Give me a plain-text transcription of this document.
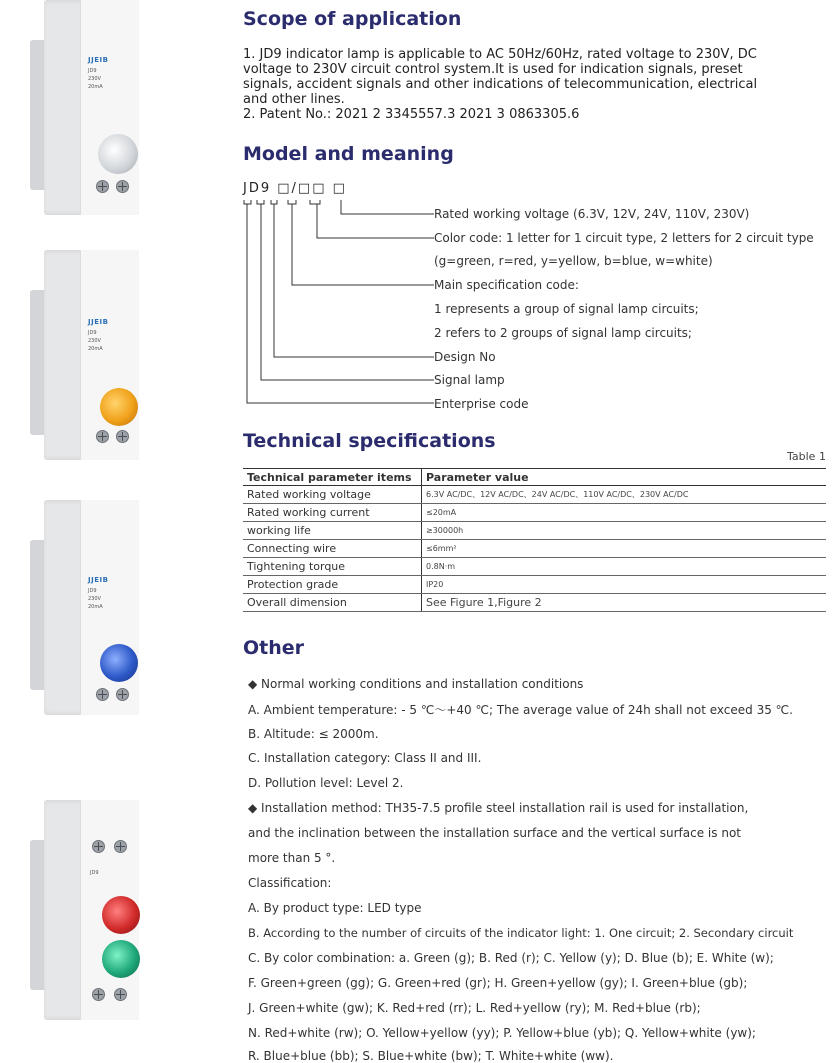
JJEIB
JD9
230V
20mA
JJEIB
JD9
230V
20mA
JJEIB
JD9
230V
20mA
JD9
Scope of application
1. JD9 indicator lamp is applicable to AC 50Hz/60Hz, rated voltage to 230V, DC
voltage to 230V circuit control system.It is used for indication signals, preset
signals, accident signals and other indications of telecommunication, electrical
and other lines.
2. Patent No.: 2021 2 3345557.3 2021 3 0863305.6
Model and meaning
JD9 □/□□ □
Rated working voltage (6.3V, 12V, 24V, 110V, 230V)
Color code: 1 letter for 1 circuit type, 2 letters for 2 circuit type
(g=green, r=red, y=yellow, b=blue, w=white)
Main specification code:
1 represents a group of signal lamp circuits;
2 refers to 2 groups of signal lamp circuits;
Design No
Signal lamp
Enterprise code
Technical specifications
Table 1
Technical parameter items	Parameter value
Rated working voltage	6.3V AC/DC、12V AC/DC、24V AC/DC、110V AC/DC、230V AC/DC
Rated working current	≤20mA
working life	≥30000h
Connecting wire	≤6mm²
Tightening torque	0.8N·m
Protection grade	IP20
Overall dimension	See Figure 1,Figure 2
Other
◆ Normal working conditions and installation conditions
A. Ambient temperature: - 5 ℃～+40 ℃; The average value of 24h shall not exceed 35 ℃.
B. Altitude: ≤ 2000m.
C. Installation category: Class II and III.
D. Pollution level: Level 2.
◆ Installation method: TH35-7.5 profile steel installation rail is used for installation,
and the inclination between the installation surface and the vertical surface is not
more than 5 °.
Classification:
A. By product type: LED type
B. According to the number of circuits of the indicator light: 1. One circuit; 2. Secondary circuit
C. By color combination: a. Green (g); B. Red (r); C. Yellow (y); D. Blue (b); E. White (w);
F. Green+green (gg); G. Green+red (gr); H. Green+yellow (gy); I. Green+blue (gb);
J. Green+white (gw); K. Red+red (rr); L. Red+yellow (ry); M. Red+blue (rb);
N. Red+white (rw); O. Yellow+yellow (yy); P. Yellow+blue (yb); Q. Yellow+white (yw);
R. Blue+blue (bb); S. Blue+white (bw); T. White+white (ww).
